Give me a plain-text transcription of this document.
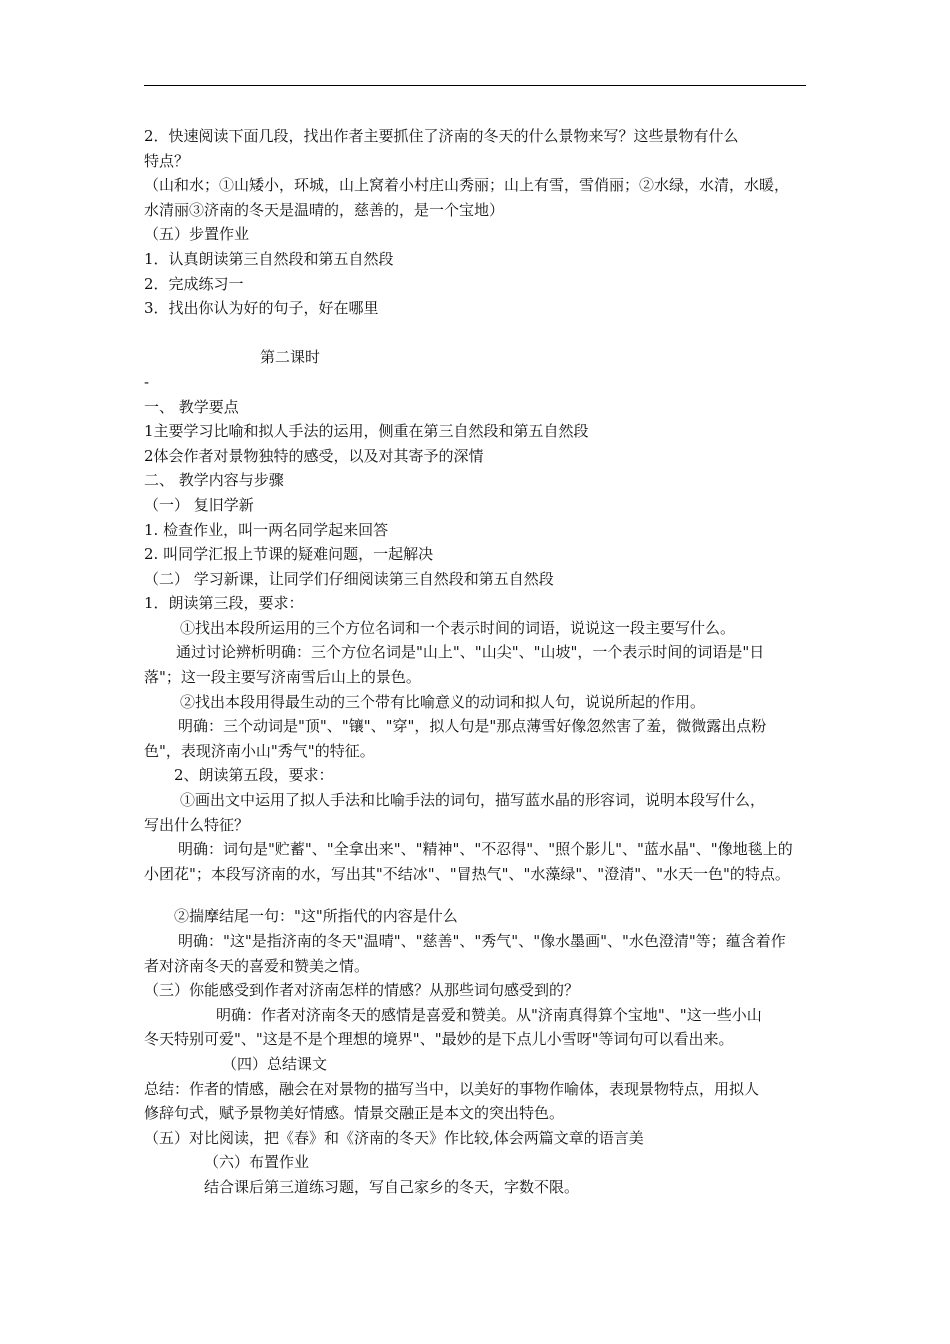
2．快速阅读下面几段，找出作者主要抓住了济南的冬天的什么景物来写？这些景物有什么
特点？
（山和水；①山矮小，环城，山上窝着小村庄山秀丽；山上有雪，雪俏丽；②水绿，水清，水暖，
水清丽③济南的冬天是温晴的，慈善的，是一个宝地）
（五）步置作业
1．认真朗读第三自然段和第五自然段
2．完成练习一
3．找出你认为好的句子，好在哪里
第二课时
-
一、 教学要点
1主要学习比喻和拟人手法的运用，侧重在第三自然段和第五自然段
2体会作者对景物独特的感受，以及对其寄予的深情
二、 教学内容与步骤
（一） 复旧学新
1. 检查作业，叫一两名同学起来回答
2. 叫同学汇报上节课的疑难问题，一起解决
（二） 学习新课，让同学们仔细阅读第三自然段和第五自然段
1．朗读第三段，要求：
①找出本段所运用的三个方位名词和一个表示时间的词语，说说这一段主要写什么。
通过讨论辨析明确：三个方位名词是"山上"、"山尖"、"山坡"，一个表示时间的词语是"日
落"；这一段主要写济南雪后山上的景色。
②找出本段用得最生动的三个带有比喻意义的动词和拟人句，说说所起的作用。
明确：三个动词是"顶"、"镶"、"穿"，拟人句是"那点薄雪好像忽然害了羞，微微露出点粉
色"，表现济南小山"秀气"的特征。
2、朗读第五段，要求：
①画出文中运用了拟人手法和比喻手法的词句，描写蓝水晶的形容词，说明本段写什么，
写出什么特征？
明确：词句是"贮蓄"、"全拿出来"、"精神"、"不忍得"、"照个影儿"、"蓝水晶"、"像地毯上的
小团花"；本段写济南的水，写出其"不结冰"、"冒热气"、"水藻绿"、"澄清"、"水天一色"的特点。
②揣摩结尾一句："这"所指代的内容是什么
明确："这"是指济南的冬天"温晴"、"慈善"、"秀气"、"像水墨画"、"水色澄清"等；蕴含着作
者对济南冬天的喜爱和赞美之情。
（三）你能感受到作者对济南怎样的情感？从那些词句感受到的？
明确：作者对济南冬天的感情是喜爱和赞美。从"济南真得算个宝地"、"这一些小山
冬天特别可爱"、"这是不是个理想的境界"、"最妙的是下点儿小雪呀"等词句可以看出来。
（四）总结课文
总结：作者的情感，融会在对景物的描写当中，以美好的事物作喻体，表现景物特点，用拟人
修辞句式，赋予景物美好情感。情景交融正是本文的突出特色。
（五）对比阅读，把《春》和《济南的冬天》作比较,体会两篇文章的语言美
（六）布置作业
结合课后第三道练习题，写自己家乡的冬天，字数不限。
